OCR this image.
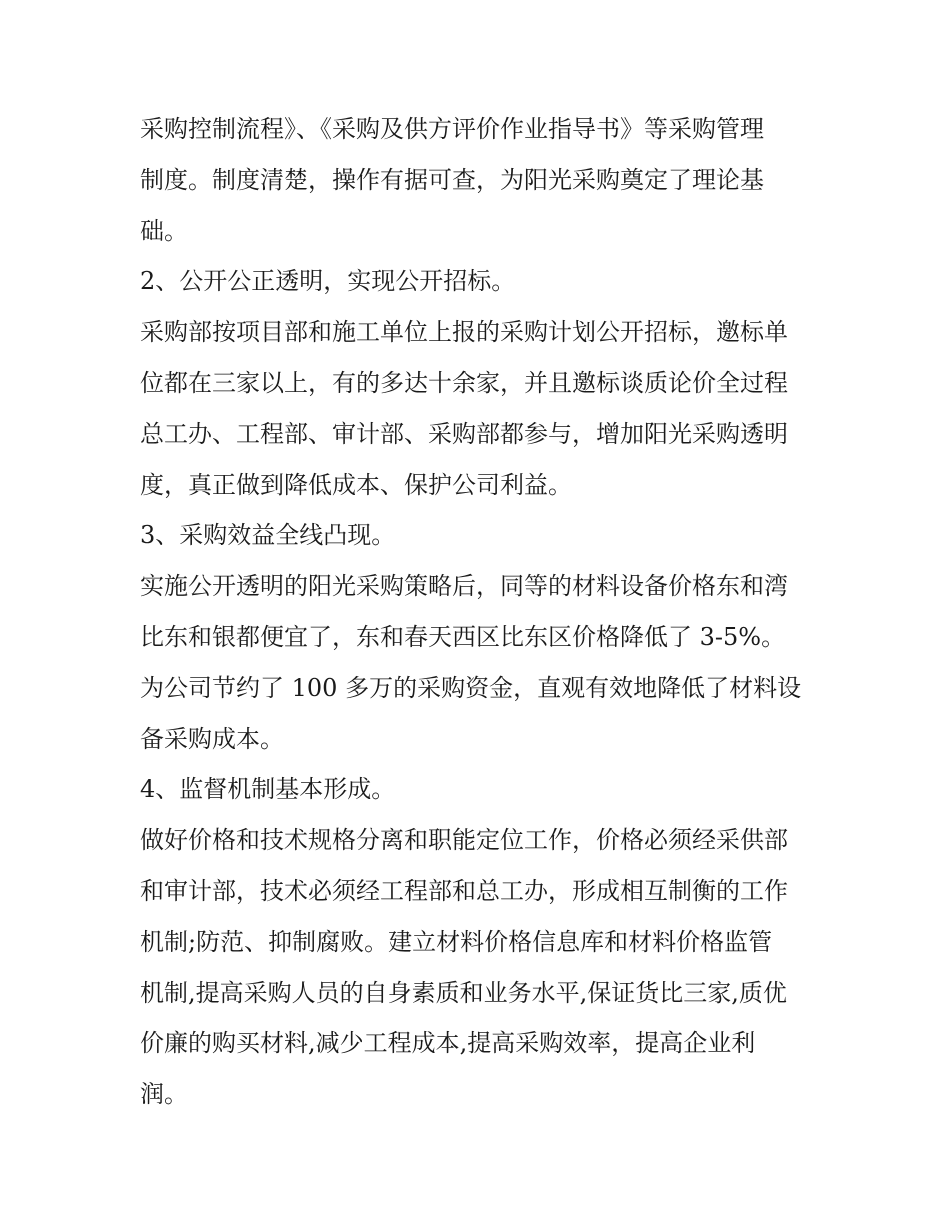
采购控制流程》、《采购及供方评价作业指导书》等采购管理
制度。制度清楚，操作有据可查，为阳光采购奠定了理论基
础。
2、公开公正透明，实现公开招标。
采购部按项目部和施工单位上报的采购计划公开招标，邀标单
位都在三家以上，有的多达十余家，并且邀标谈质论价全过程
总工办、工程部、审计部、采购部都参与，增加阳光采购透明
度，真正做到降低成本、保护公司利益。
3、采购效益全线凸现。
实施公开透明的阳光采购策略后，同等的材料设备价格东和湾
比东和银都便宜了，东和春天西区比东区价格降低了 3-5%。
为公司节约了 100 多万的采购资金，直观有效地降低了材料设
备采购成本。
4、监督机制基本形成。
做好价格和技术规格分离和职能定位工作，价格必须经采供部
和审计部，技术必须经工程部和总工办，形成相互制衡的工作
机制;防范、抑制腐败。建立材料价格信息库和材料价格监管
机制,提高采购人员的自身素质和业务水平,保证货比三家,质优
价廉的购买材料,减少工程成本,提高采购效率，提高企业利
润。
